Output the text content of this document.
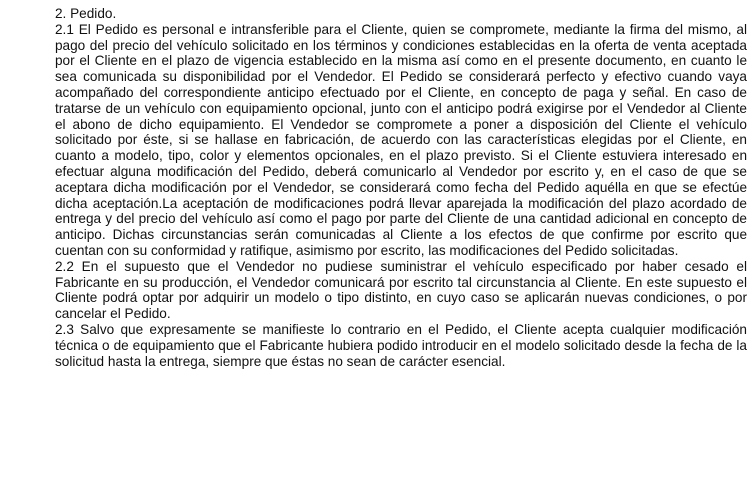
2. Pedido.

2.1 El Pedido es personal e intransferible para el Cliente, quien se compromete, mediante la firma del mismo, al pago del precio del vehículo solicitado en los términos y condiciones establecidas en la oferta de venta aceptada por el Cliente en el plazo de vigencia establecido en la misma así como en el presente documento, en cuanto le sea comunicada su disponibilidad por el Vendedor. El Pedido se considerará perfecto y efectivo cuando vaya acompañado del correspondiente anticipo efectuado por el Cliente, en concepto de paga y señal. En caso de tratarse de un vehículo con equipamiento opcional, junto con el anticipo podrá exigirse por el Vendedor al Cliente el abono de dicho equipamiento. El Vendedor se compromete a poner a disposición del Cliente el vehículo solicitado por éste, si se hallase en fabricación, de acuerdo con las características elegidas por el Cliente, en cuanto a modelo, tipo, color y elementos opcionales, en el plazo previsto. Si el Cliente estuviera interesado en efectuar alguna modificación del Pedido, deberá comunicarlo al Vendedor por escrito y, en el caso de que se aceptara dicha modificación por el Vendedor, se considerará como fecha del Pedido aquélla en que se efectúe dicha aceptación.La aceptación de modificaciones podrá llevar aparejada la modificación del plazo acordado de entrega y del precio del vehículo así como el pago por parte del Cliente de una cantidad adicional en concepto de anticipo. Dichas circunstancias serán comunicadas al Cliente a los efectos de que confirme por escrito que cuentan con su conformidad y ratifique, asimismo por escrito, las modificaciones del Pedido solicitadas.

2.2 En el supuesto que el Vendedor no pudiese suministrar el vehículo especificado por haber cesado el Fabricante en su producción, el Vendedor comunicará por escrito tal circunstancia al Cliente. En este supuesto el Cliente podrá optar por adquirir un modelo o tipo distinto, en cuyo caso se aplicarán nuevas condiciones, o por cancelar el Pedido.

2.3 Salvo que expresamente se manifieste lo contrario en el Pedido, el Cliente acepta cualquier modificación técnica o de equipamiento que el Fabricante hubiera podido introducir en el modelo solicitado desde la fecha de la solicitud hasta la entrega, siempre que éstas no sean de carácter esencial.
